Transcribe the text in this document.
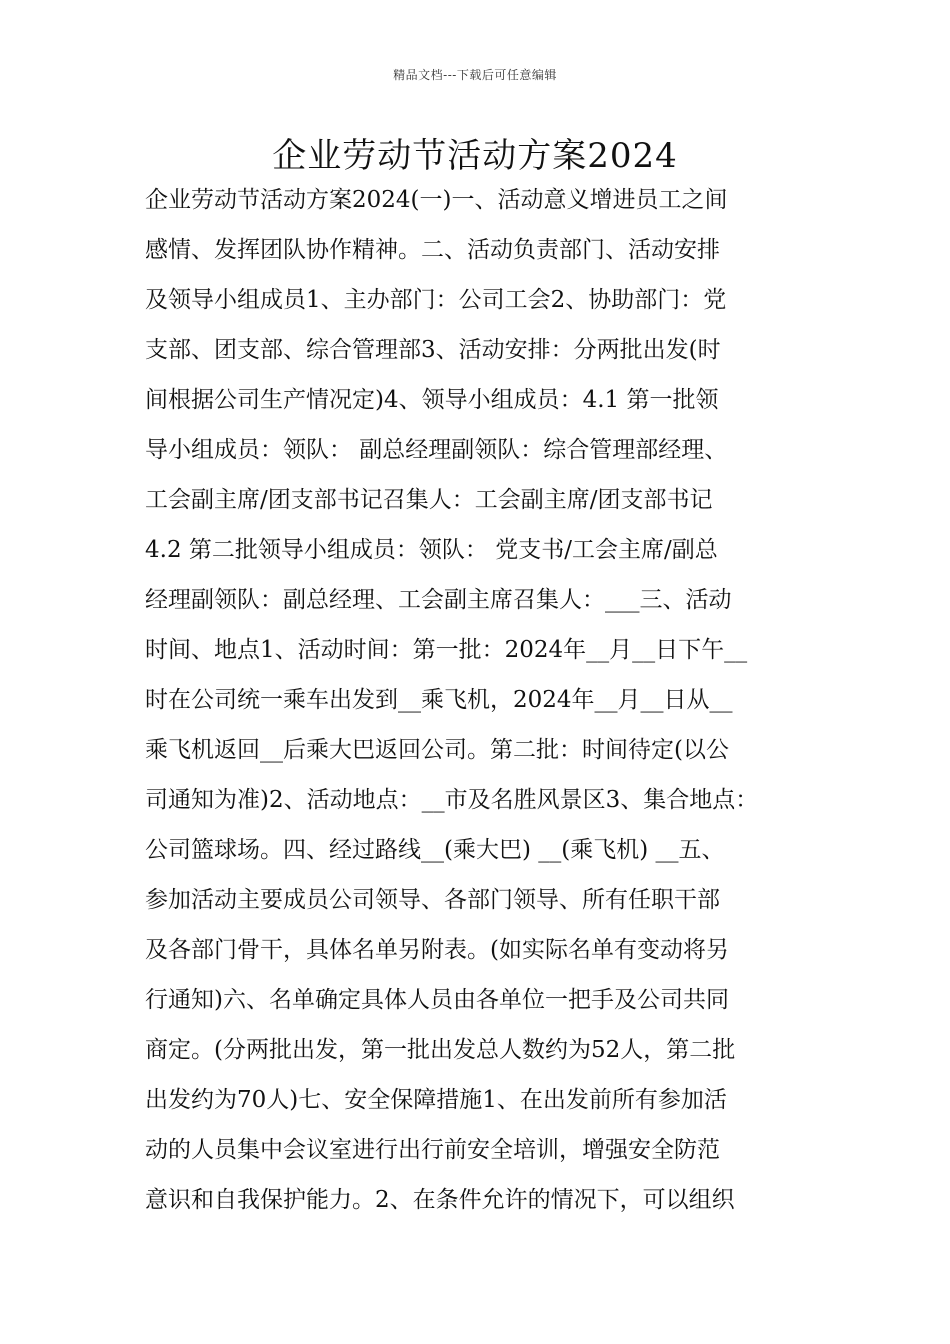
精品文档---下载后可任意编辑
企业劳动节活动方案2024
企业劳动节活动方案2024(一)一、活动意义增进员工之间
感情、发挥团队协作精神。二、活动负责部门、活动安排
及领导小组成员1、主办部门：公司工会2、协助部门：党
支部、团支部、综合管理部3、活动安排：分两批出发(时
间根据公司生产情况定)4、领导小组成员：4.1 第一批领
导小组成员：领队： 副总经理副领队：综合管理部经理、
工会副主席/团支部书记召集人：工会副主席/团支部书记
4.2 第二批领导小组成员：领队： 党支书/工会主席/副总
经理副领队：副总经理、工会副主席召集人：___三、活动
时间、地点1、活动时间：第一批：2024年__月__日下午__
时在公司统一乘车出发到__乘飞机，2024年__月__日从__
乘飞机返回__后乘大巴返回公司。第二批：时间待定(以公
司通知为准)2、活动地点：__市及名胜风景区3、集合地点：
公司篮球场。四、经过路线__(乘大巴) __(乘飞机) __五、
参加活动主要成员公司领导、各部门领导、所有任职干部
及各部门骨干，具体名单另附表。(如实际名单有变动将另
行通知)六、名单确定具体人员由各单位一把手及公司共同
商定。(分两批出发，第一批出发总人数约为52人，第二批
出发约为70人)七、安全保障措施1、在出发前所有参加活
动的人员集中会议室进行出行前安全培训，增强安全防范
意识和自我保护能力。2、在条件允许的情况下，可以组织
